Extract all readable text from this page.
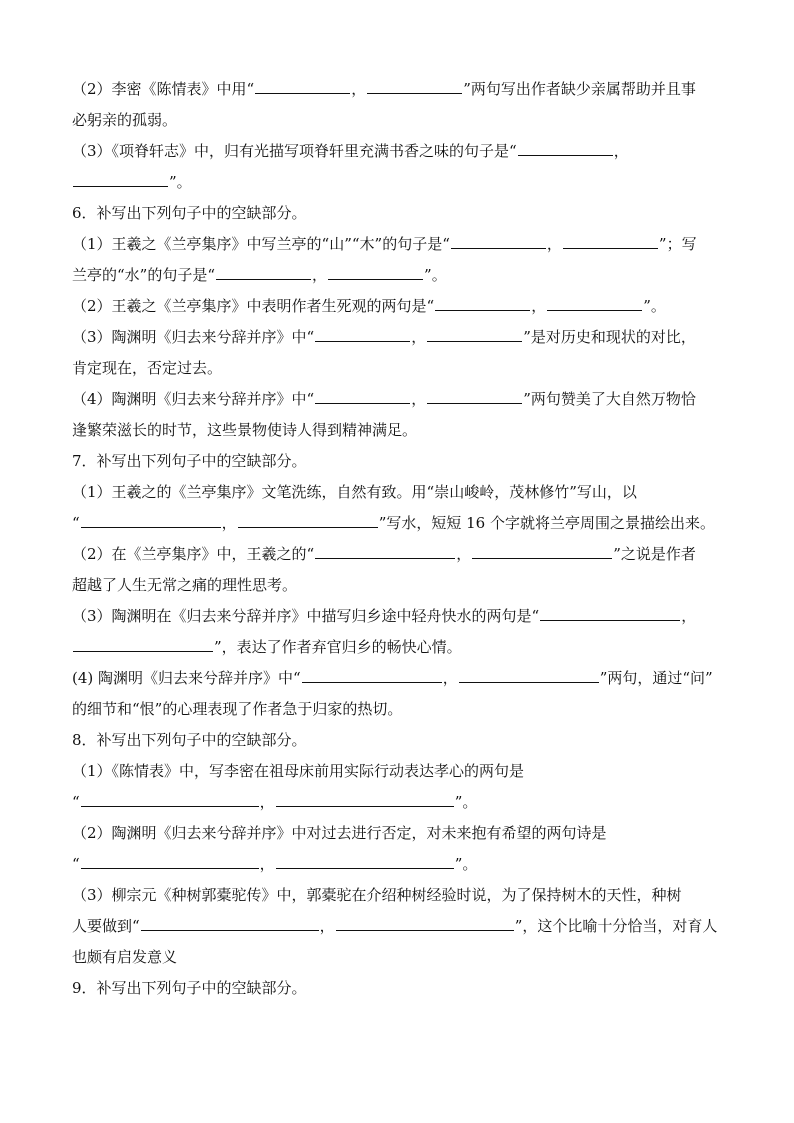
（2）李密《陈情表》中用“	，	”两句写出作者缺少亲属帮助并且事
必躬亲的孤弱。
（3）《项脊轩志》中，归有光描写项脊轩里充满书香之味的句子是“	，
”。
6．补写出下列句子中的空缺部分。
（1）王羲之《兰亭集序》中写兰亭的“山”“木”的句子是“	，	”；写
兰亭的“水”的句子是“	，	”。
（2）王羲之《兰亭集序》中表明作者生死观的两句是“	，	”。
（3）陶渊明《归去来兮辞并序》中“	，	”是对历史和现状的对比，
肯定现在，否定过去。
（4）陶渊明《归去来兮辞并序》中“	，	”两句赞美了大自然万物恰
逢繁荣滋长的时节，这些景物使诗人得到精神满足。
7．补写出下列句子中的空缺部分。
（1）王羲之的《兰亭集序》文笔洗练，自然有致。用“崇山峻岭，茂林修竹”写山，以
“	，	”写水，短短 16 个字就将兰亭周围之景描绘出来。
（2）在《兰亭集序》中，王羲之的“	，	”之说是作者
超越了人生无常之痛的理性思考。
（3）陶渊明在《归去来兮辞并序》中描写归乡途中轻舟快水的两句是“	，
”，表达了作者弃官归乡的畅快心情。
(4) 陶渊明《归去来兮辞并序》中“	，	”两句，通过“问”
的细节和“恨”的心理表现了作者急于归家的热切。
8．补写出下列句子中的空缺部分。
（1）《陈情表》中，写李密在祖母床前用实际行动表达孝心的两句是
“	，	”。
（2）陶渊明《归去来兮辞并序》中对过去进行否定，对未来抱有希望的两句诗是
“	，	”。
（3）柳宗元《种树郭橐驼传》中，郭橐驼在介绍种树经验时说，为了保持树木的天性，种树
人要做到“	，	”，这个比喻十分恰当，对育人
也颇有启发意义
9．补写出下列句子中的空缺部分。
